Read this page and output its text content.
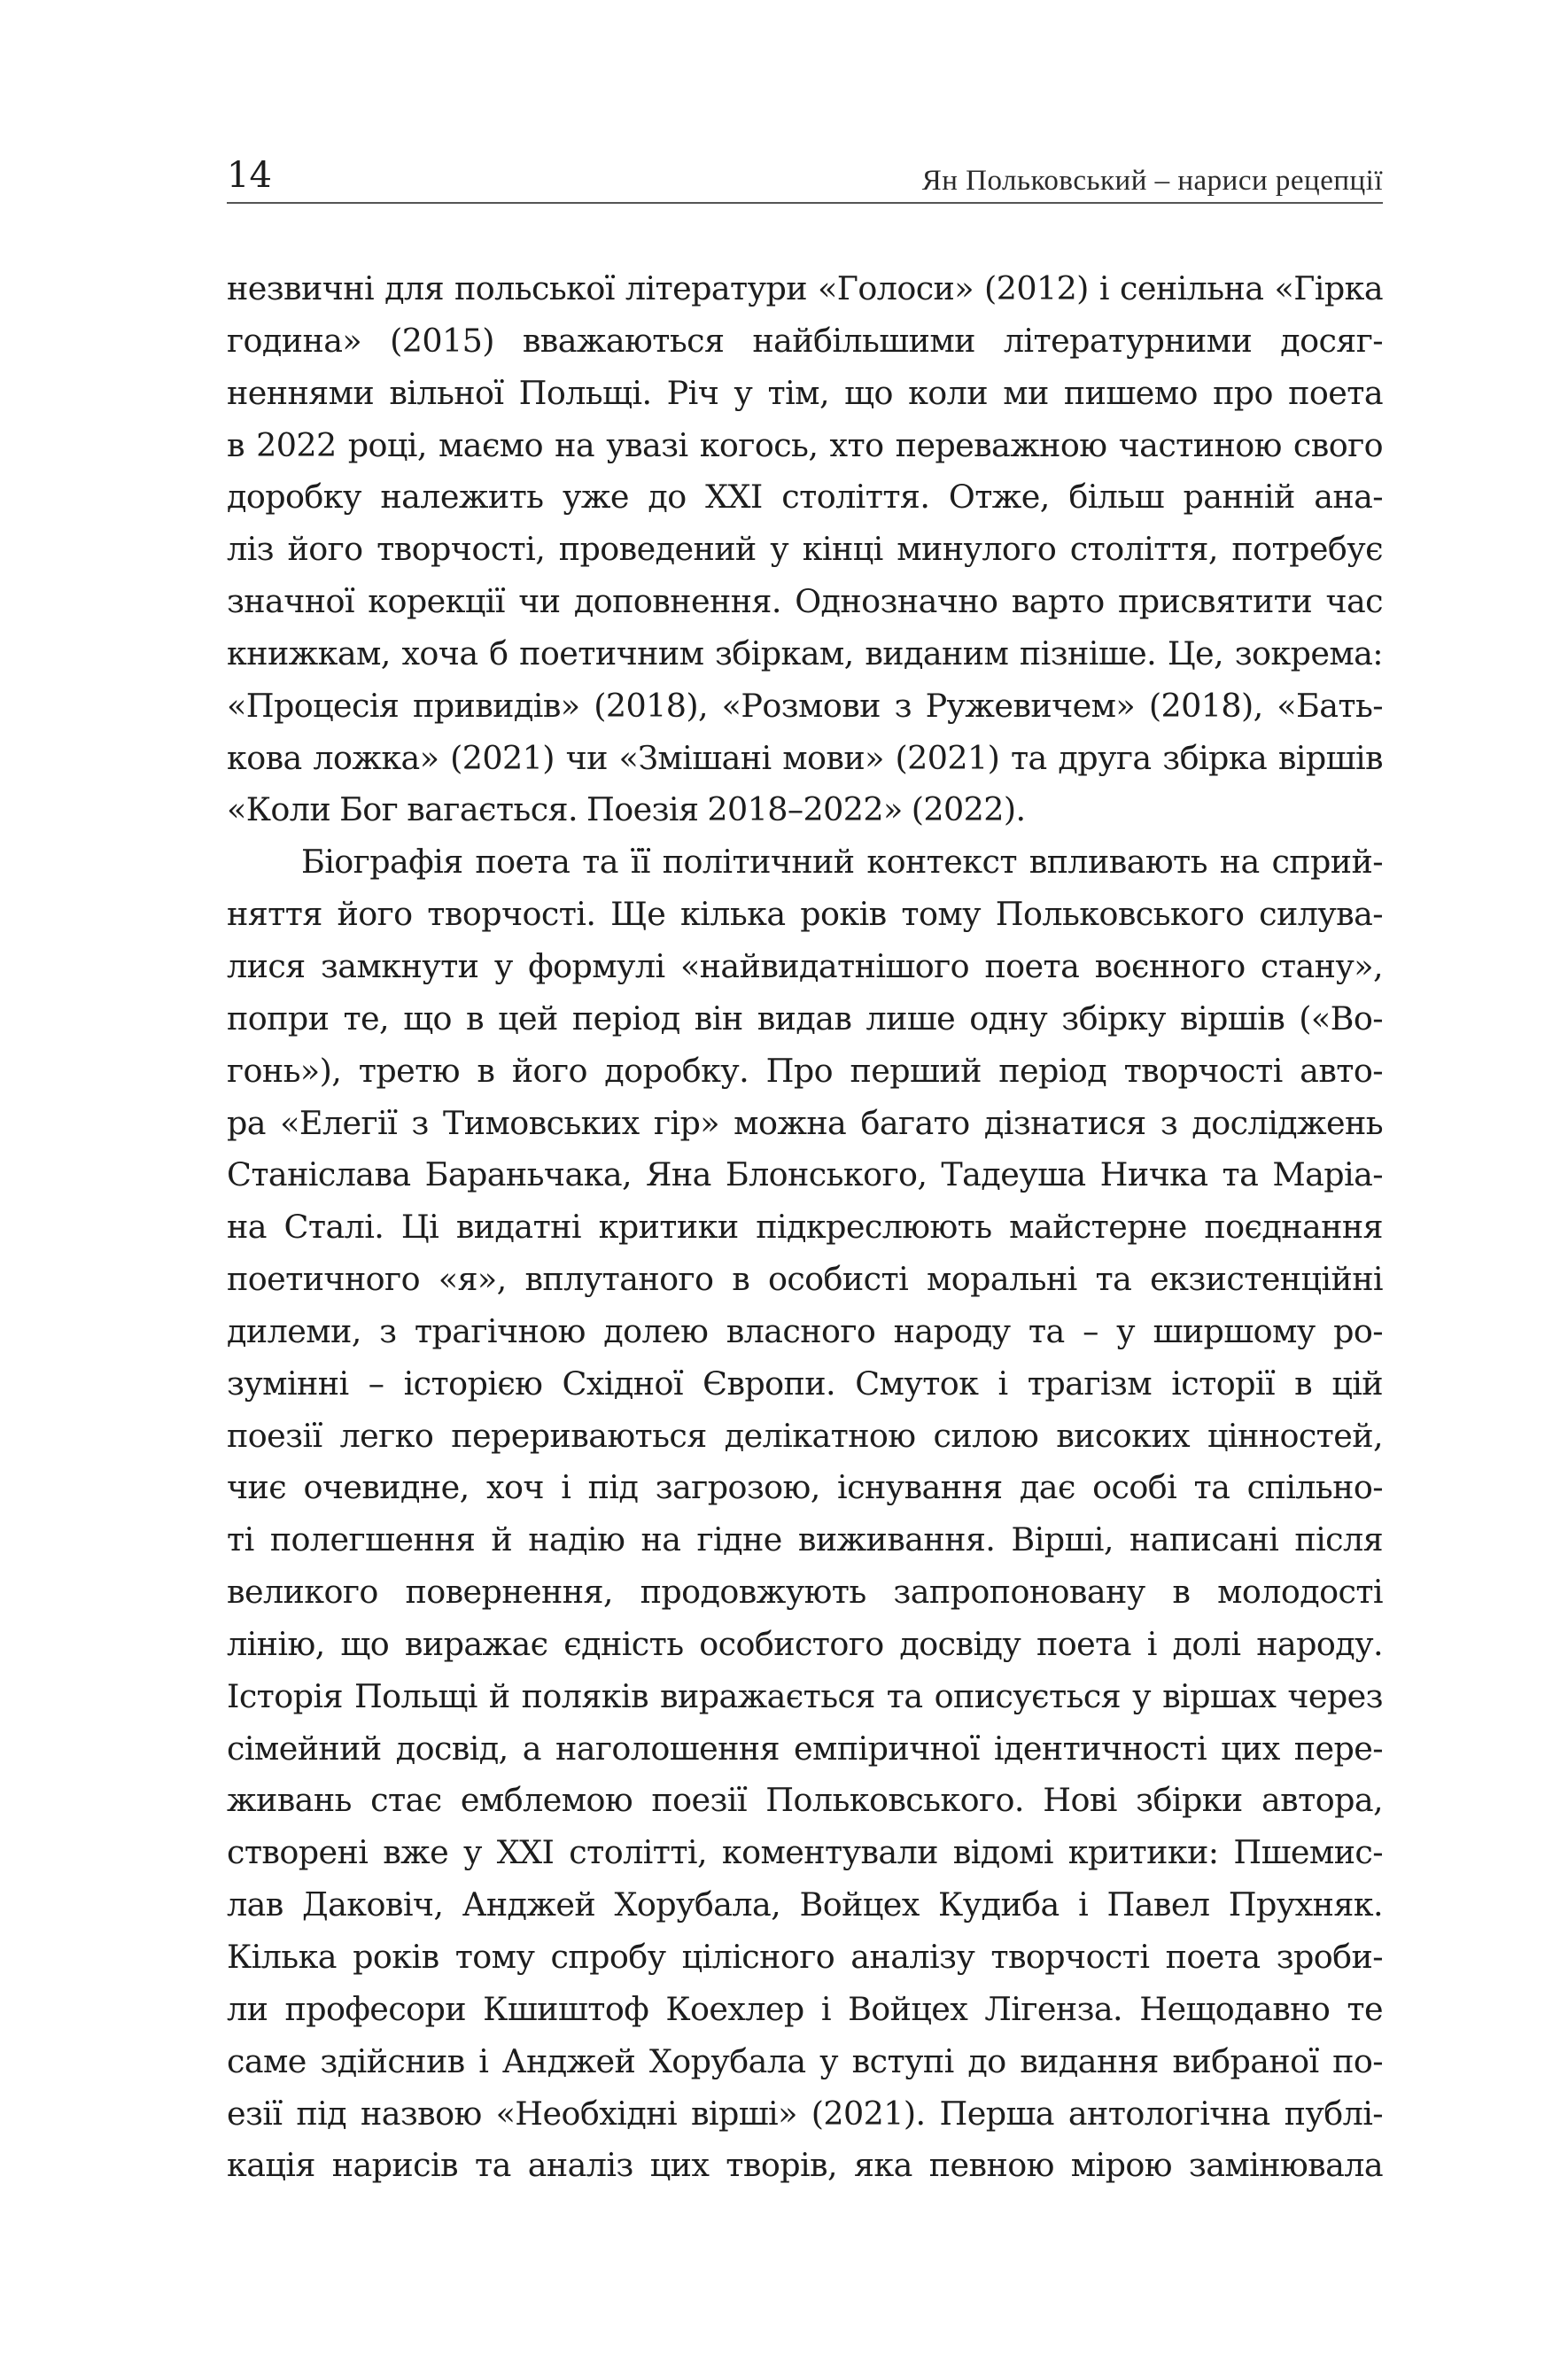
14	Ян Польковський – нариси рецепції
незвичні для польської літератури «Голоси» (2012) і сенільна «Гірка
година» (2015) вважаються найбільшими літературними досяг-
неннями вільної Польщі. Річ у тім, що коли ми пишемо про поета
в 2022 році, маємо на увазі когось, хто переважною частиною свого
доробку належить уже до XXI століття. Отже, більш ранній ана-
ліз його творчості, проведений у кінці минулого століття, потребує
значної корекції чи доповнення. Однозначно варто присвятити час
книжкам, хоча б поетичним збіркам, виданим пізніше. Це, зокрема:
«Процесія привидів» (2018), «Розмови з Ружевичем» (2018), «Бать-
кова ложка» (2021) чи «Змішані мови» (2021) та друга збірка віршів
«Коли Бог вагається. Поезія 2018–2022» (2022).
Біографія поета та її політичний контекст впливають на сприй-
няття його творчості. Ще кілька років тому Польковського силува-
лися замкнути у формулі «найвидатнішого поета воєнного стану»,
попри те, що в цей період він видав лише одну збірку віршів («Во-
гонь»), третю в його доробку. Про перший період творчості авто-
ра «Елегії з Тимовських гір» можна багато дізнатися з досліджень
Станіслава Бараньчака, Яна Блонського, Тадеуша Ничка та Маріа-
на Сталі. Ці видатні критики підкреслюють майстерне поєднання
поетичного «я», вплутаного в особисті моральні та екзистенційні
дилеми, з трагічною долею власного народу та – у ширшому ро-
зумінні – історією Східної Європи. Смуток і трагізм історії в цій
поезії легко перериваються делікатною силою високих цінностей,
чиє очевидне, хоч і під загрозою, існування дає особі та спільно-
ті полегшення й надію на гідне виживання. Вірші, написані після
великого повернення, продовжують запропоновану в молодості
лінію, що виражає єдність особистого досвіду поета і долі народу.
Історія Польщі й поляків виражається та описується у віршах через
сімейний досвід, а наголошення емпіричної ідентичності цих пере-
живань стає емблемою поезії Польковського. Нові збірки автора,
створені вже у XXI столітті, коментували відомі критики: Пшемис-
лав Даковіч, Анджей Хорубала, Войцех Кудиба і Павел Прухняк.
Кілька років тому спробу цілісного аналізу творчості поета зроби-
ли професори Кшиштоф Коехлер і Войцех Лігенза. Нещодавно те
саме здійснив і Анджей Хорубала у вступі до видання вибраної по-
езії під назвою «Необхідні вірші» (2021). Перша антологічна публі-
кація нарисів та аналіз цих творів, яка певною мірою замінювала
